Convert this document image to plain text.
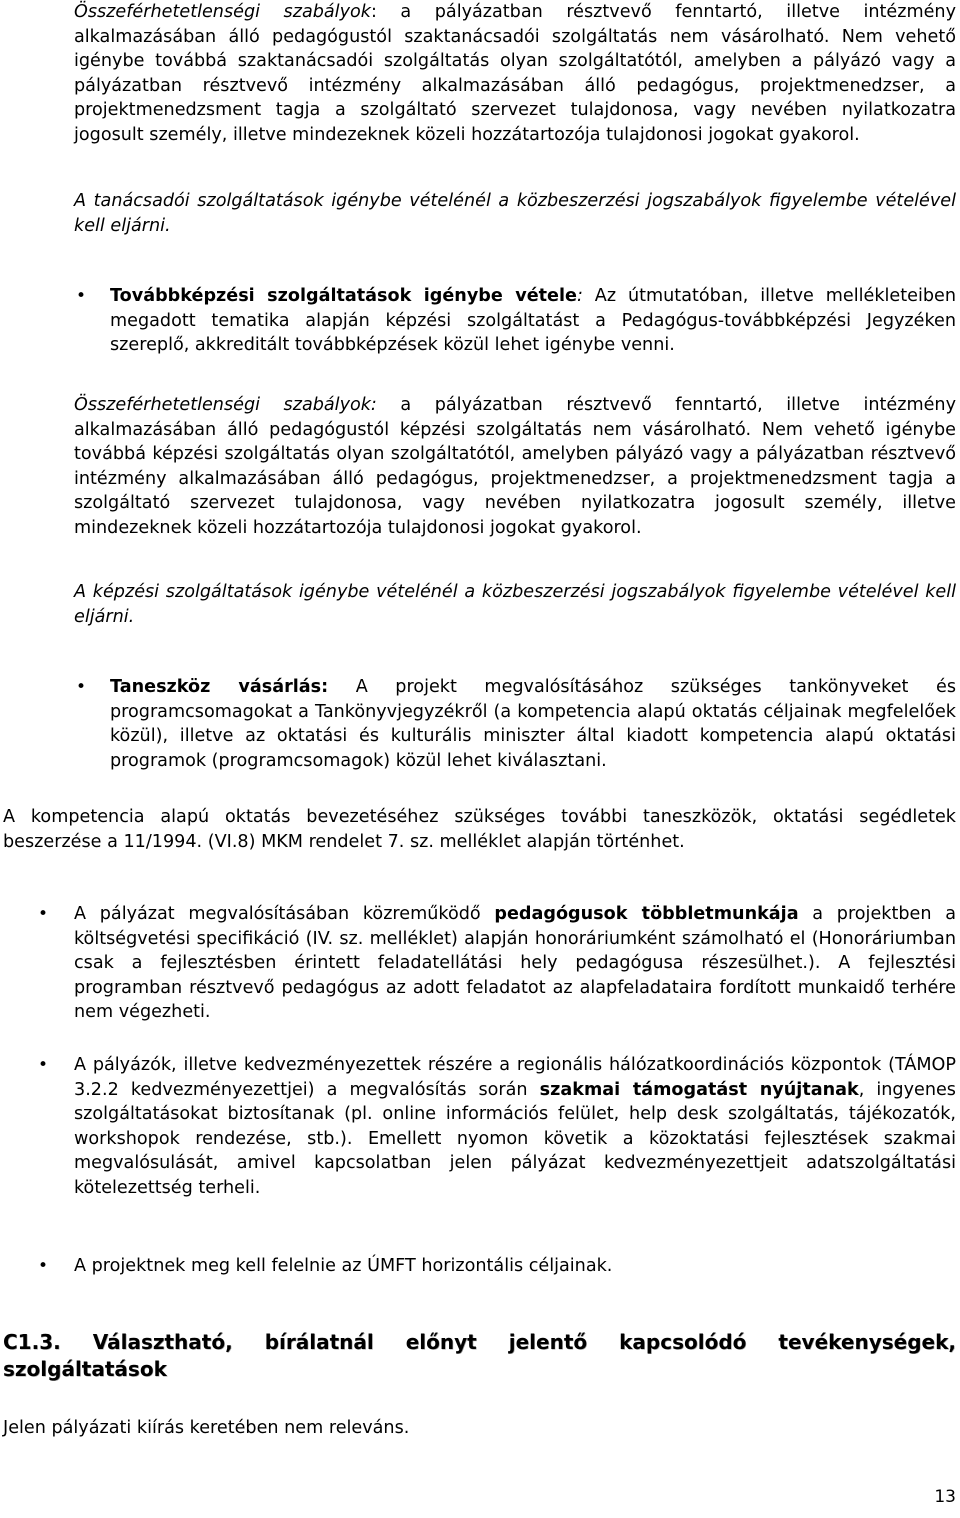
Összeférhetetlenségi szabályok: a pályázatban résztvevő fenntartó, illetve intézmény alkalmazásában álló pedagógustól szaktanácsadói szolgáltatás nem vásárolható. Nem vehető igénybe továbbá szaktanácsadói szolgáltatás olyan szolgáltatótól, amelyben a pályázó vagy a pályázatban résztvevő intézmény alkalmazásában álló pedagógus, projektmenedzser, a projektmenedzsment tagja a szolgáltató szervezet tulajdonosa, vagy nevében nyilatkozatra jogosult személy, illetve mindezeknek közeli hozzátartozója tulajdonosi jogokat gyakorol.

A tanácsadói szolgáltatások igénybe vételénél a közbeszerzési jogszabályok figyelembe vételével kell eljárni.

• Továbbképzési szolgáltatások igénybe vétele: Az útmutatóban, illetve mellékleteiben megadott tematika alapján képzési szolgáltatást a Pedagógus-továbbképzési Jegyzéken szereplő, akkreditált továbbképzések közül lehet igénybe venni.

Összeférhetetlenségi szabályok: a pályázatban résztvevő fenntartó, illetve intézmény alkalmazásában álló pedagógustól képzési szolgáltatás nem vásárolható. Nem vehető igénybe továbbá képzési szolgáltatás olyan szolgáltatótól, amelyben pályázó vagy a pályázatban résztvevő intézmény alkalmazásában álló pedagógus, projektmenedzser, a projektmenedzsment tagja a szolgáltató szervezet tulajdonosa, vagy nevében nyilatkozatra jogosult személy, illetve mindezeknek közeli hozzátartozója tulajdonosi jogokat gyakorol.

A képzési szolgáltatások igénybe vételénél a közbeszerzési jogszabályok figyelembe vételével kell eljárni.

• Taneszköz vásárlás: A projekt megvalósításához szükséges tankönyveket és programcsomagokat a Tankönyvjegyzékről (a kompetencia alapú oktatás céljainak megfelelőek közül), illetve az oktatási és kulturális miniszter által kiadott kompetencia alapú oktatási programok (programcsomagok) közül lehet kiválasztani.

A kompetencia alapú oktatás bevezetéséhez szükséges további taneszközök, oktatási segédletek beszerzése a 11/1994. (VI.8) MKM rendelet 7. sz. melléklet alapján történhet.

• A pályázat megvalósításában közreműködő pedagógusok többletmunkája a projektben a költségvetési specifikáció (IV. sz. melléklet) alapján honoráriumként számolható el (Honoráriumban csak a fejlesztésben érintett feladatellátási hely pedagógusa részesülhet.). A fejlesztési programban résztvevő pedagógus az adott feladatot az alapfeladataira fordított munkaidő terhére nem végezheti.

• A pályázók, illetve kedvezményezettek részére a regionális hálózatkoordinációs központok (TÁMOP 3.2.2 kedvezményezettjei) a megvalósítás során szakmai támogatást nyújtanak, ingyenes szolgáltatásokat biztosítanak (pl. online információs felület, help desk szolgáltatás, tájékozatók, workshopok rendezése, stb.). Emellett nyomon követik a közoktatási fejlesztések szakmai megvalósulását, amivel kapcsolatban jelen pályázat kedvezményezettjeit adatszolgáltatási kötelezettség terheli.

• A projektnek meg kell felelnie az ÚMFT horizontális céljainak.

C1.3. Választható, bírálatnál előnyt jelentő kapcsolódó tevékenységek, szolgáltatások

Jelen pályázati kiírás keretében nem releváns.

13
